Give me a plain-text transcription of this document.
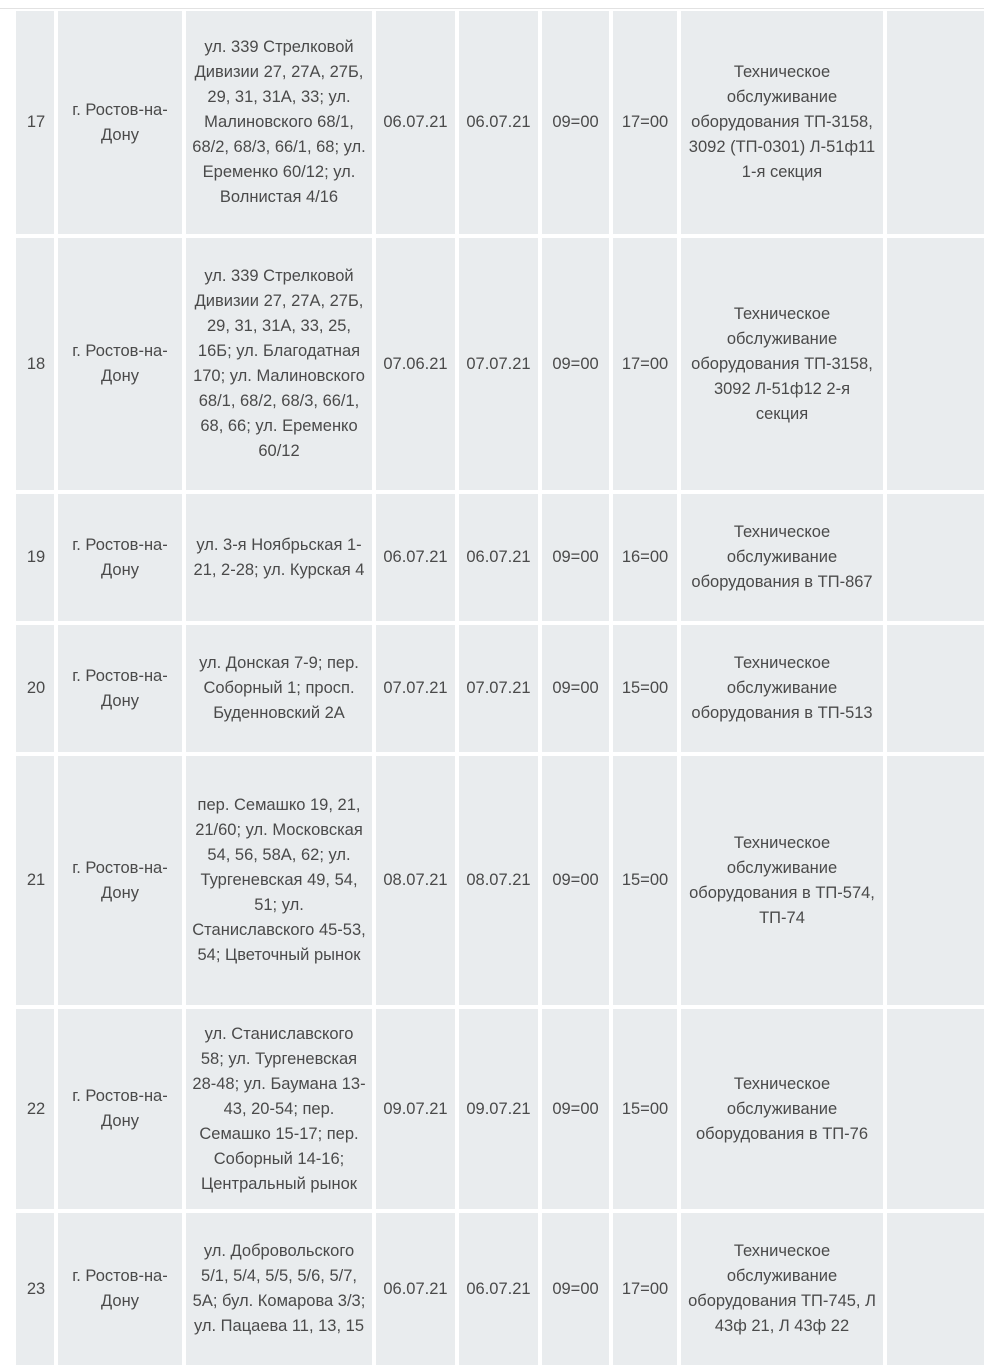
17	г. Ростов-на-Дону	ул. 339 Стрелковой Дивизии 27, 27А, 27Б, 29, 31, 31А, 33; ул. Малиновского 68/1, 68/2, 68/3, 66/1, 68; ул. Еременко 60/12; ул. Волнистая 4/16	06.07.21	06.07.21	09=00	17=00	Техническое обслуживание оборудования ТП-3158, 3092 (ТП-0301) Л-51ф11 1-я секция	
18	г. Ростов-на-Дону	ул. 339 Стрелковой Дивизии 27, 27А, 27Б, 29, 31, 31А, 33, 25, 16Б; ул. Благодатная 170; ул. Малиновского 68/1, 68/2, 68/3, 66/1, 68, 66; ул. Еременко 60/12	07.06.21	07.07.21	09=00	17=00	Техническое обслуживание оборудования ТП-3158, 3092 Л-51ф12 2-я секция	
19	г. Ростов-на-Дону	ул. 3-я Ноябрьская 1-21, 2-28; ул. Курская 4	06.07.21	06.07.21	09=00	16=00	Техническое обслуживание оборудования в ТП-867	
20	г. Ростов-на-Дону	ул. Донская 7-9; пер. Соборный 1; просп. Буденновский 2А	07.07.21	07.07.21	09=00	15=00	Техническое обслуживание оборудования в ТП-513	
21	г. Ростов-на-Дону	пер. Семашко 19, 21, 21/60; ул. Московская 54, 56, 58А, 62; ул. Тургеневская 49, 54, 51; ул. Станиславского 45-53, 54; Цветочный рынок	08.07.21	08.07.21	09=00	15=00	Техническое обслуживание оборудования в ТП-574, ТП-74	
22	г. Ростов-на-Дону	ул. Станиславского 58; ул. Тургеневская 28-48; ул. Баумана 13-43, 20-54; пер. Семашко 15-17; пер. Соборный 14-16; Центральный рынок	09.07.21	09.07.21	09=00	15=00	Техническое обслуживание оборудования в ТП-76	
23	г. Ростов-на-Дону	ул. Добровольского 5/1, 5/4, 5/5, 5/6, 5/7, 5А; бул. Комарова 3/3; ул. Пацаева 11, 13, 15	06.07.21	06.07.21	09=00	17=00	Техническое обслуживание оборудования ТП-745, Л 43ф 21, Л 43ф 22	
